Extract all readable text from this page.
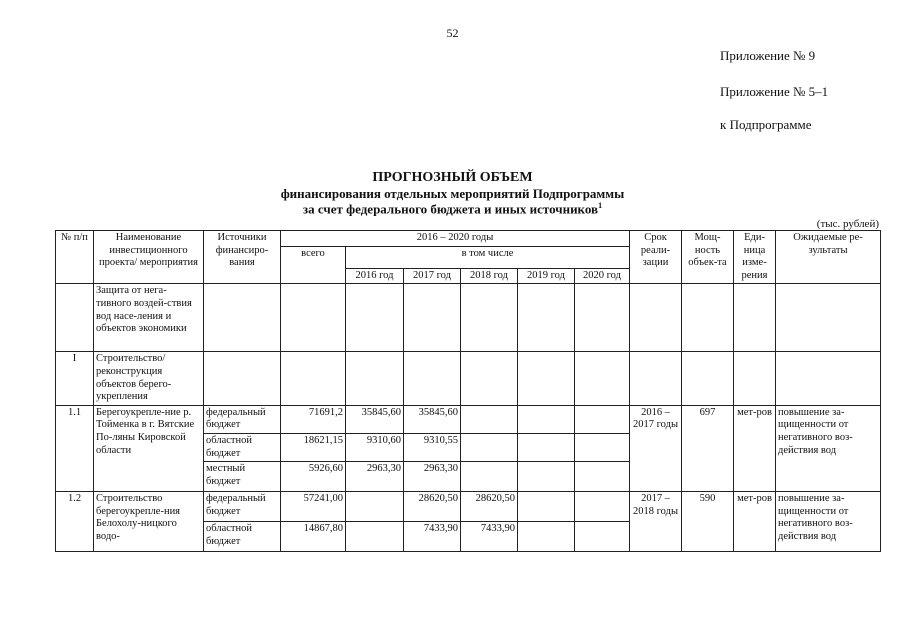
52
Приложение № 9
Приложение № 5–1
к Подпрограмме
ПРОГНОЗНЫЙ ОБЪЕМ
финансирования отдельных мероприятий Подпрограммы
за счет федерального бюджета и иных источников$^1$
(тыс. рублей)
№ п/п	Наименование инвестиционного проекта/ мероприятия	Источники финансиро-вания	2016 – 2020 годы						Срок реали-зации	Мощ-ность объек-та	Еди-ница изме-рения	Ожидаемые ре-зультаты
			всего	в том числе								
				2016 год	2017 год	2018 год	2019 год	2020 год				
	Защита от нега-тивного воздей-ствия вод насе-ления и объектов экономики											
I	Строительство/ реконструкция объектов берего-укрепления											
1.1	Берегоукрепле-ние р. Тойменка в г. Вятские По-ляны Кировской области	федеральный бюджет	71691,2	35845,60	35845,60				2016 – 2017 годы	697	мет-ров	повышение за-щищенности от негативного воз-действия вод
		областной бюджет	18621,15	9310,60	9310,55							
		местный бюджет	5926,60	2963,30	2963,30							
1.2	Строительство берегоукрепле-ния Белохолу-ницкого водо-	федеральный бюджет	57241,00		28620,50	28620,50			2017 – 2018 годы	590	мет-ров	повышение за-щищенности от негативного воз-действия вод
		областной бюджет	14867,80		7433,90	7433,90						
